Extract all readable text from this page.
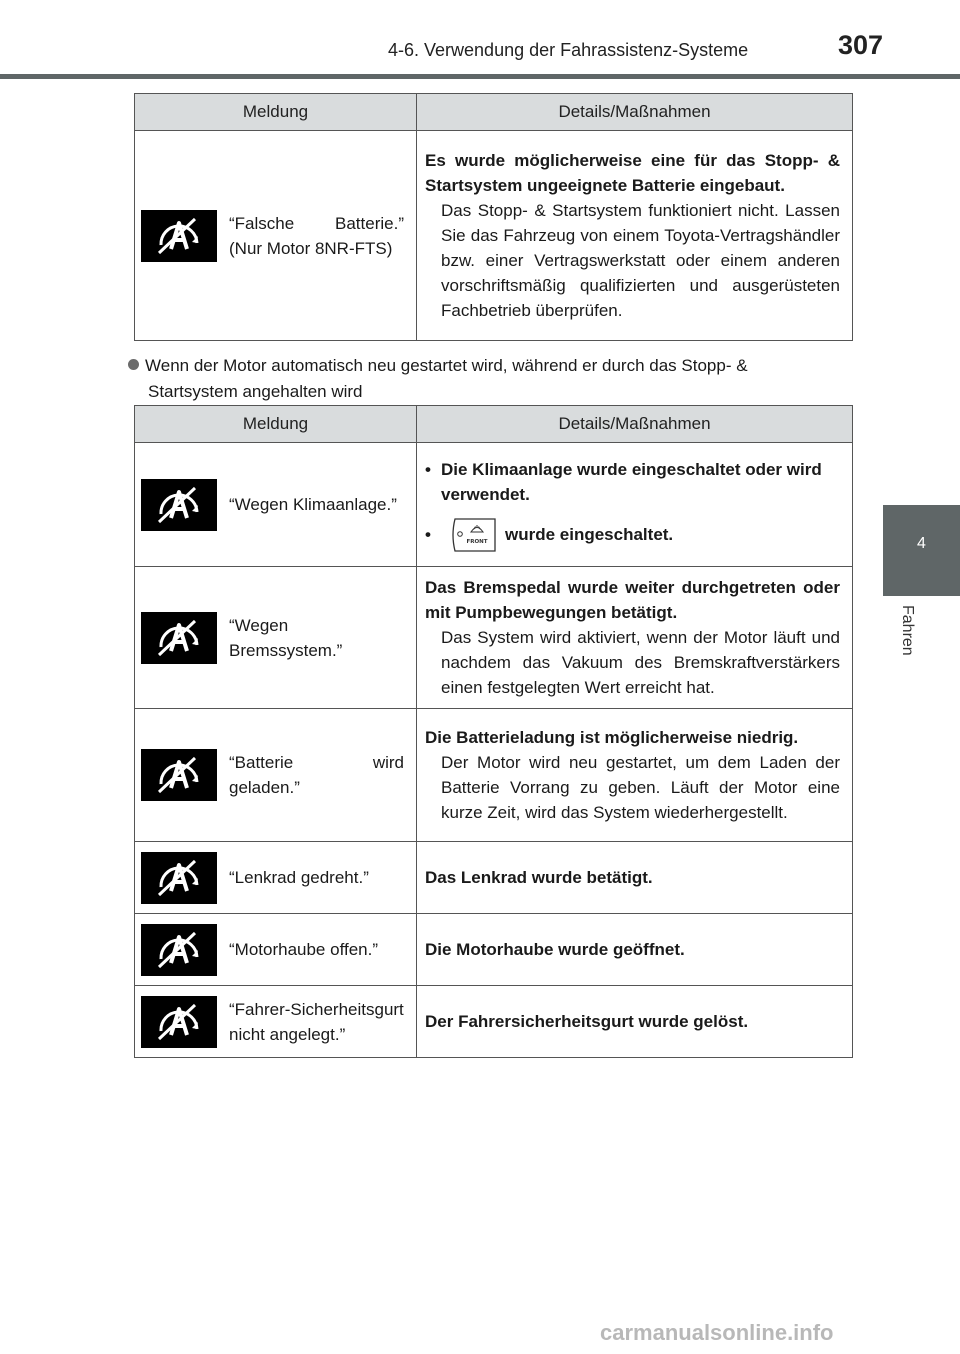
4-6. Verwendung der Fahrassistenz-Systeme	307
4
Fahren
Meldung	Details/Maßnahmen

“Falsche Batterie.” (Nur Motor 8NR-FTS)	Es wurde möglicherweise eine für das Stopp- & Startsystem ungeeignete Batterie eingebaut.
Das Stopp- & Startsystem funktioniert nicht. Lassen Sie das Fahrzeug von einem Toyota-Vertragshändler bzw. einer Vertragswerkstatt oder einem anderen vorschriftsmäßig qualifizierten und ausgerüsteten Fachbetrieb überprüfen.
Wenn der Motor automatisch neu gestartet wird, während er durch das Stopp- &
Startsystem angehalten wird
Meldung	Details/Maßnahmen

“Wegen Klimaanlage.”	• Die Klimaanlage wurde eingeschaltet oder wird verwendet.
• FRONT wurde eingeschaltet.

“Wegen Bremssystem.”	Das Bremspedal wurde weiter durchgetreten oder mit Pumpbewegungen betätigt.
Das System wird aktiviert, wenn der Motor läuft und nachdem das Vakuum des Bremskraftverstärkers einen festgelegten Wert erreicht hat.

“Batterie wird geladen.”	Die Batterieladung ist möglicherweise niedrig.
Der Motor wird neu gestartet, um dem Laden der Batterie Vorrang zu geben. Läuft der Motor eine kurze Zeit, wird das System wiederhergestellt.

“Lenkrad gedreht.”	Das Lenkrad wurde betätigt.

“Motorhaube offen.”	Die Motorhaube wurde geöffnet.

“Fahrer-Sicherheitsgurt nicht angelegt.”	Der Fahrersicherheitsgurt wurde gelöst.
carmanualsonline.info
